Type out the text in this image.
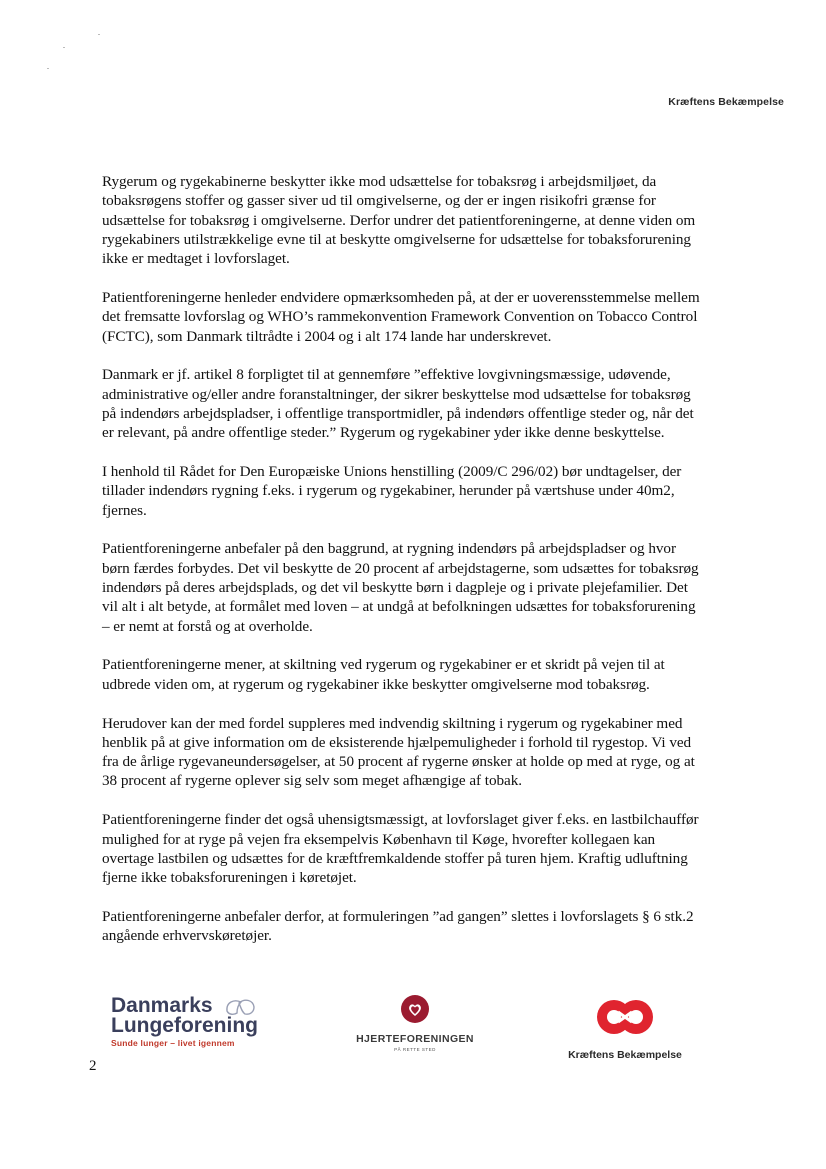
Kræftens Bekæmpelse

Rygerum og rygekabinerne beskytter ikke mod udsættelse for tobaksrøg i arbejdsmiljøet, da tobaksrøgens stoffer og gasser siver ud til omgivelserne, og der er ingen risikofri grænse for udsættelse for tobaksrøg i omgivelserne. Derfor undrer det patientforeningerne, at denne viden om rygekabiners utilstrækkelige evne til at beskytte omgivelserne for udsættelse for tobaksforurening ikke er medtaget i lovforslaget.

Patientforeningerne henleder endvidere opmærksomheden på, at der er uoverensstemmelse mellem det fremsatte lovforslag og WHO’s rammekonvention Framework Convention on Tobacco Control (FCTC), som Danmark tiltrådte i 2004 og i alt 174 lande har underskrevet.

Danmark er jf. artikel 8 forpligtet til at gennemføre ”effektive lovgivningsmæssige, udøvende, administrative og/eller andre foranstaltninger, der sikrer beskyttelse mod udsættelse for tobaksrøg på indendørs arbejdspladser, i offentlige transportmidler, på indendørs offentlige steder og, når det er relevant, på andre offentlige steder.” Rygerum og rygekabiner yder ikke denne beskyttelse.

I henhold til Rådet for Den Europæiske Unions henstilling (2009/C 296/02) bør undtagelser, der tillader indendørs rygning f.eks. i rygerum og rygekabiner, herunder på værtshuse under 40m2, fjernes.

Patientforeningerne anbefaler på den baggrund, at rygning indendørs på arbejdspladser og hvor børn færdes forbydes. Det vil beskytte de 20 procent af arbejdstagerne, som udsættes for tobaksrøg indendørs på deres arbejdsplads, og det vil beskytte børn i dagpleje og i private plejefamilier. Det vil alt i alt betyde, at formålet med loven – at undgå at befolkningen udsættes for tobaksforurening – er nemt at forstå og at overholde.

Patientforeningerne mener, at skiltning ved rygerum og rygekabiner er et skridt på vejen til at udbrede viden om, at rygerum og rygekabiner ikke beskytter omgivelserne mod tobaksrøg.

Herudover kan der med fordel suppleres med indvendig skiltning i rygerum og rygekabiner med henblik på at give information om de eksisterende hjælpemuligheder i forhold til rygestop. Vi ved fra de årlige rygevaneundersøgelser, at 50 procent af rygerne ønsker at holde op med at ryge, og at 38 procent af rygerne oplever sig selv som meget afhængige af tobak.

Patientforeningerne finder det også uhensigtsmæssigt, at lovforslaget giver f.eks. en lastbilchauffør mulighed for at ryge på vejen fra eksempelvis København til Køge, hvorefter kollegaen kan overtage lastbilen og udsættes for de kræftfremkaldende stoffer på turen hjem. Kraftig udluftning fjerne ikke tobaksforureningen i køretøjet.

Patientforeningerne anbefaler derfor, at formuleringen ”ad gangen” slettes i lovforslagets § 6 stk.2 angående erhvervskøretøjer.

Danmarks
Lungeforening
Sunde lunger – livet igennem	HJERTEFORENINGEN
PÅ RETTE STED	Kræftens Bekæmpelse
2
